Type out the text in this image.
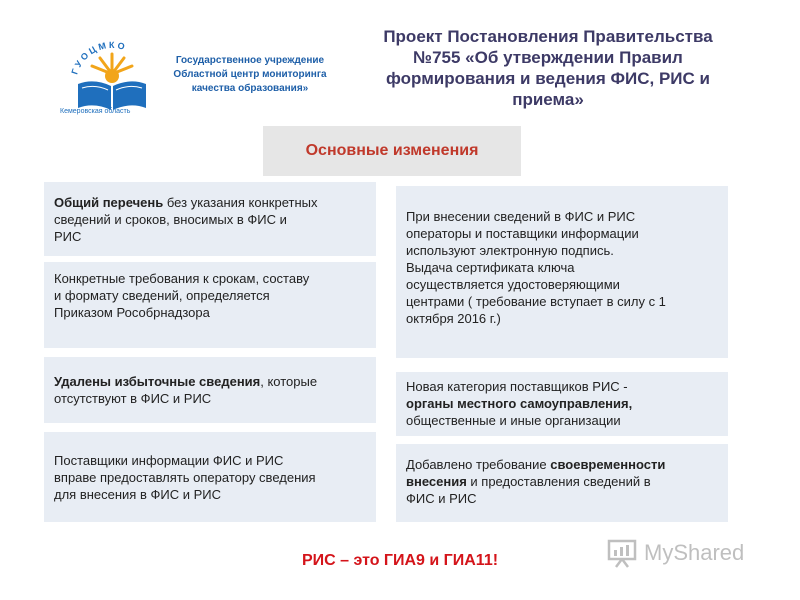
Г У О Ц М К О
Кемеровская область
Государственное учреждение
Областной центр мониторинга
качества образования»
Проект Постановления Правительства
№755 «Об утверждении Правил
формирования и ведения ФИС, РИС и
приема»
Основные изменения
Общий перечень без указания конкретных
сведений и сроков, вносимых в ФИС и
РИС
Конкретные требования к срокам, составу
и формату сведений, определяется
Приказом Рособрнадзора
Удалены избыточные сведения, которые
отсутствуют в ФИС и РИС
Поставщики информации ФИС и РИС
вправе предоставлять оператору сведения
для внесения в ФИС и РИС
При внесении сведений в ФИС и РИС
операторы и поставщики информации
используют электронную подпись.
Выдача сертификата ключа
осуществляется удостоверяющими
центрами ( требование вступает в силу с 1
октября 2016 г.)
Новая категория поставщиков РИС -
органы местного самоуправления,
общественные и иные организации
Добавлено требование своевременности
внесения и предоставления сведений в
ФИС и РИС
РИС – это ГИА9 и ГИА11!	MyShared
